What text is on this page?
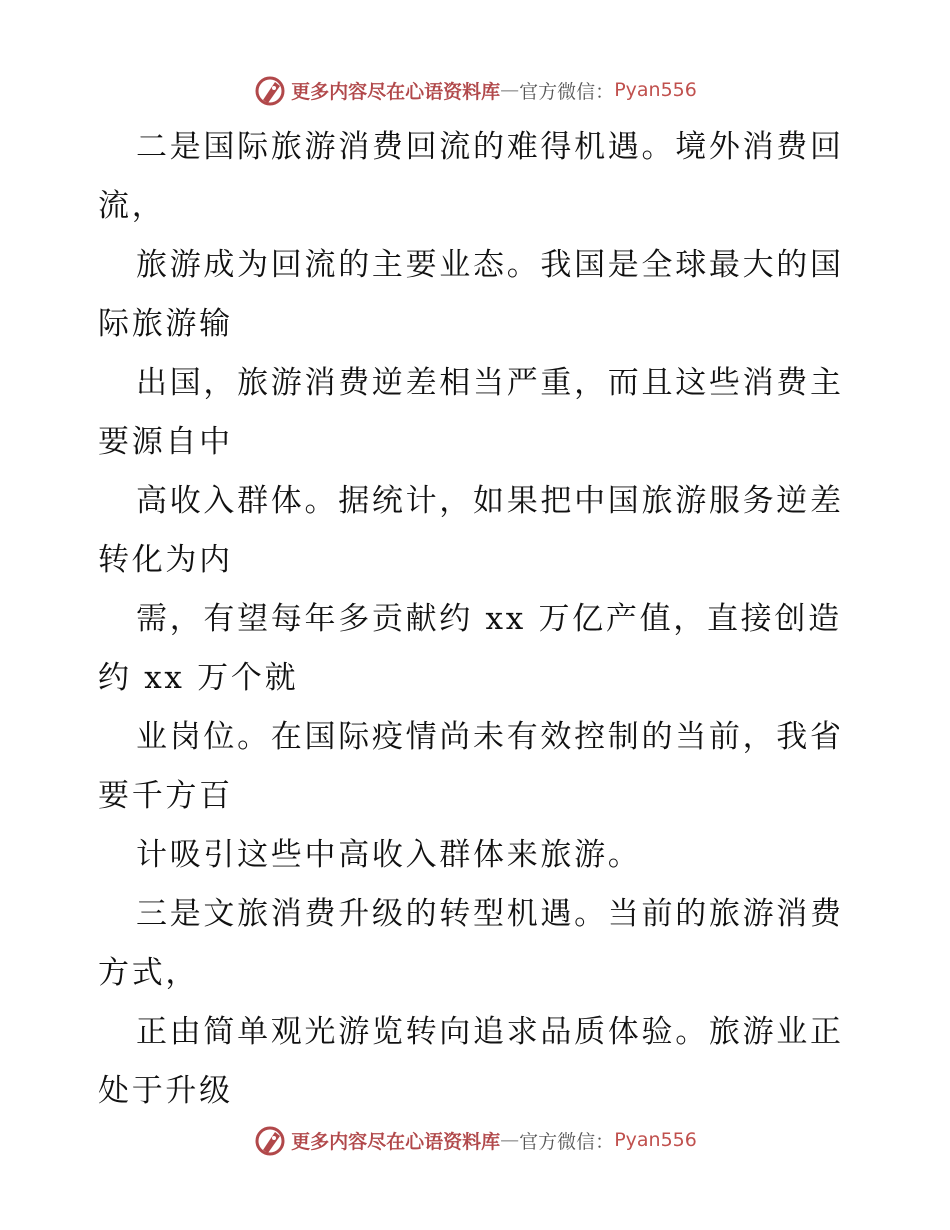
更多内容尽在心语资料库 — 官方微信： Pyan556
二是国际旅游消费回流的难得机遇。境外消费回
流，
旅游成为回流的主要业态。我国是全球最大的国
际旅游输
出国，旅游消费逆差相当严重，而且这些消费主
要源自中
高收入群体。据统计，如果把中国旅游服务逆差
转化为内
需，有望每年多贡献约 xx 万亿产值，直接创造
约 xx 万个就
业岗位。在国际疫情尚未有效控制的当前，我省
要千方百
计吸引这些中高收入群体来旅游。
三是文旅消费升级的转型机遇。当前的旅游消费
方式，
正由简单观光游览转向追求品质体验。旅游业正
处于升级
更多内容尽在心语资料库 — 官方微信： Pyan556
